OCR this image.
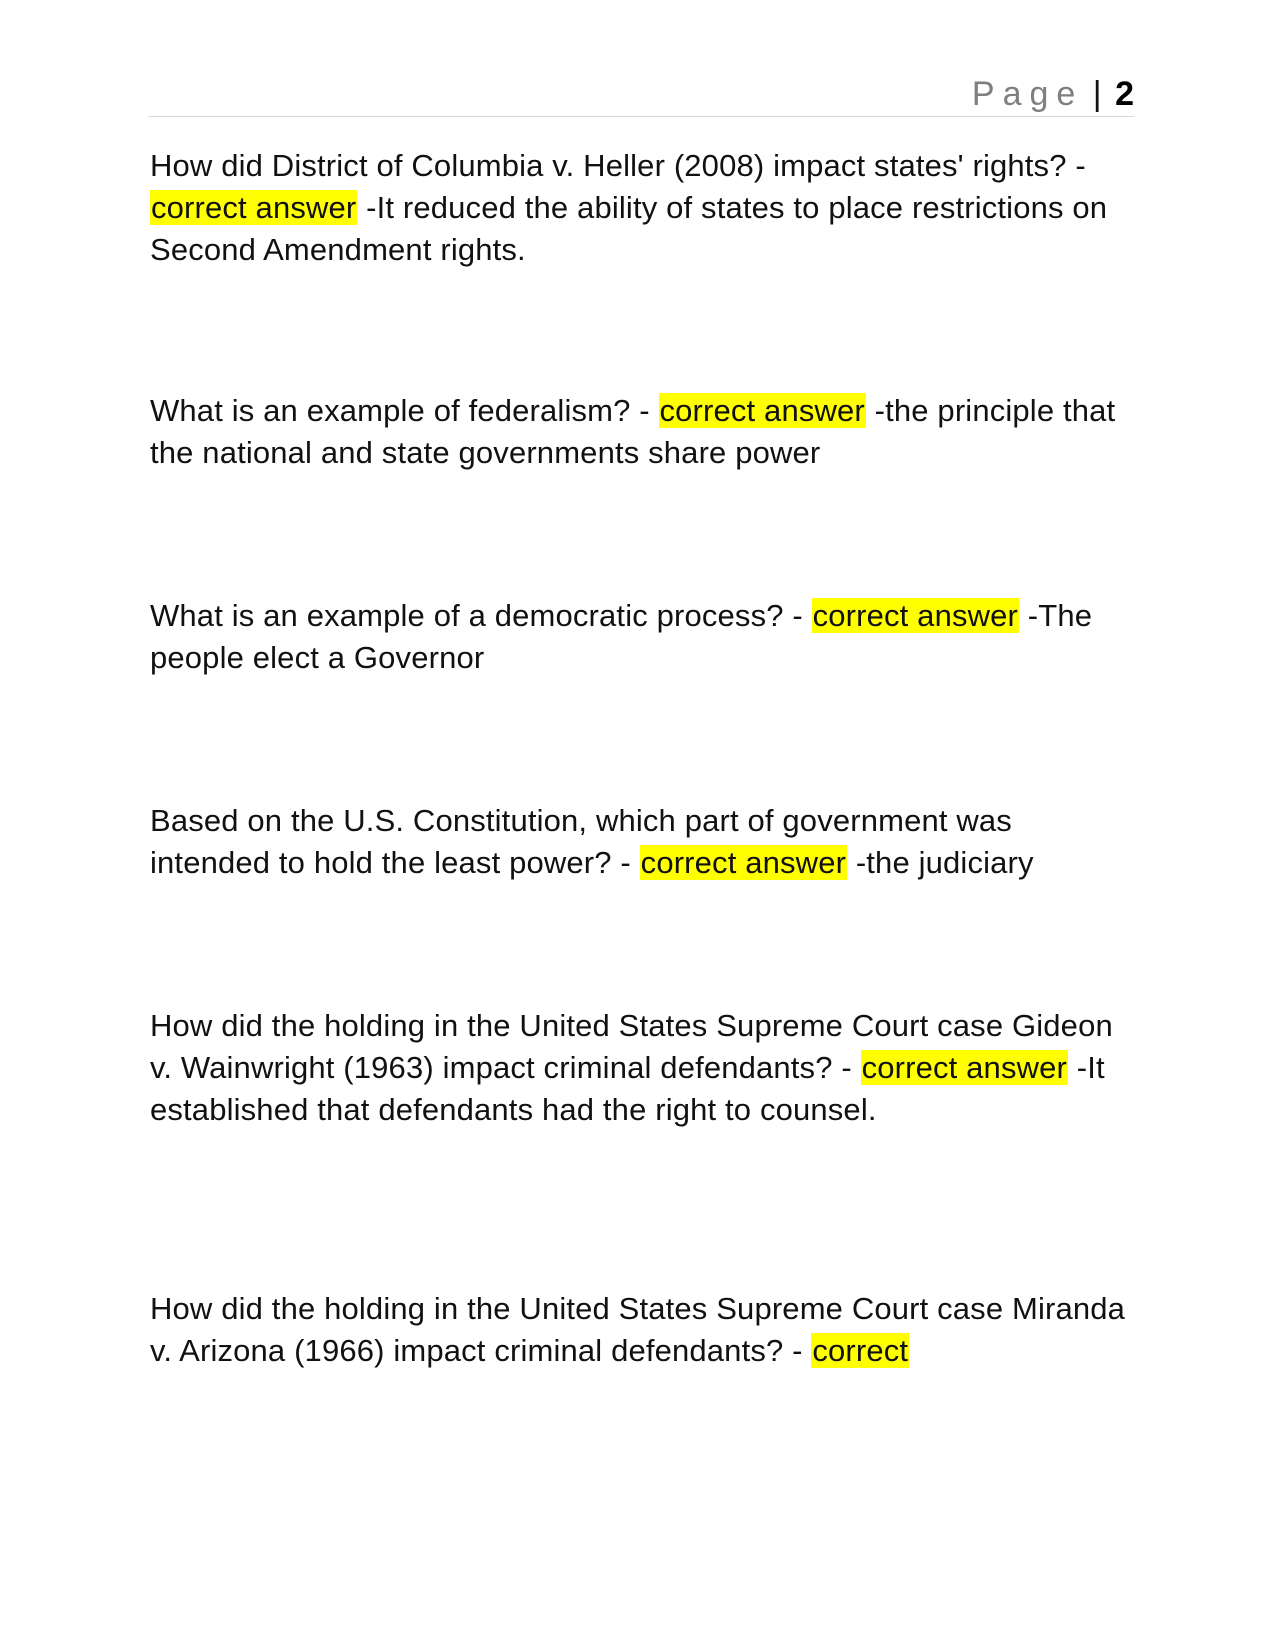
Page | 2
How did District of Columbia v. Heller (2008) impact states' rights? - correct answer -It reduced the ability of states to place restrictions on Second Amendment rights.
What is an example of federalism? - correct answer -the principle that the national and state governments share power
What is an example of a democratic process? - correct answer -The people elect a Governor
Based on the U.S. Constitution, which part of government was intended to hold the least power? - correct answer -the judiciary
How did the holding in the United States Supreme Court case Gideon v. Wainwright (1963) impact criminal defendants? - correct answer -It established that defendants had the right to counsel.
How did the holding in the United States Supreme Court case Miranda v. Arizona (1966) impact criminal defendants? - correct
